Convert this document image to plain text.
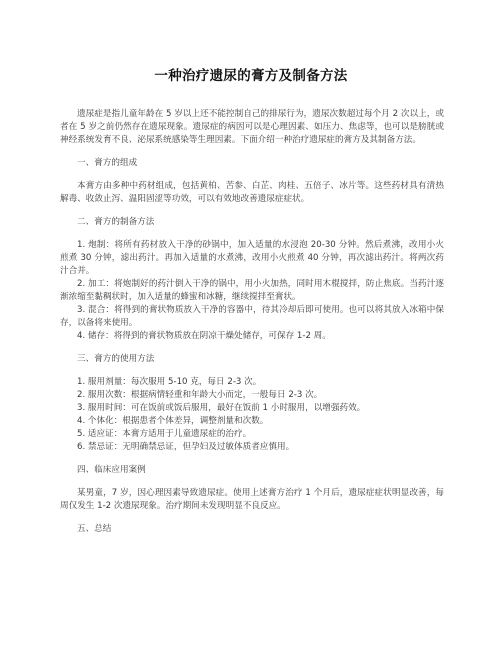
一种治疗遗尿的膏方及制备方法

遗尿症是指儿童年龄在 5 岁以上还不能控制自己的排尿行为，遗尿次数超过每个月 2 次以上，或者在 5 岁之前仍然存在遗尿现象。遗尿症的病因可以是心理因素、如压力、焦虑等，也可以是膀胱或神经系统发育不良、泌尿系统感染等生理因素。下面介绍一种治疗遗尿症的膏方及其制备方法。

一、膏方的组成

本膏方由多种中药材组成，包括黄柏、苦参、白芷、肉桂、五倍子、冰片等。这些药材具有清热解毒、收敛止泻、温阳固涩等功效，可以有效地改善遗尿症症状。

二、膏方的制备方法

1. 炮制：将所有药材放入干净的砂锅中，加入适量的水浸泡 20-30 分钟。然后煮沸，改用小火煎煮 30 分钟，滤出药汁。再加入适量的水煮沸，改用小火煎煮 40 分钟，再次滤出药汁。将两次药汁合并。

2. 加工：将炮制好的药汁倒入干净的锅中，用小火加热，同时用木棍搅拌，防止焦底。当药汁逐渐浓缩至黏稠状时，加入适量的蜂蜜和冰糖，继续搅拌至膏状。

3. 混合：将得到的膏状物质放入干净的容器中，待其冷却后即可使用。也可以将其放入冰箱中保存，以备将来使用。

4. 储存：将得到的膏状物质放在阴凉干燥处储存，可保存 1-2 周。

三、膏方的使用方法

1. 服用剂量：每次服用 5-10 克，每日 2-3 次。

2. 服用次数：根据病情轻重和年龄大小而定，一般每日 2-3 次。

3. 服用时间：可在饭前或饭后服用，最好在饭前 1 小时服用，以增强药效。

4. 个体化：根据患者个体差异，调整剂量和次数。

5. 适应证：本膏方适用于儿童遗尿症的治疗。

6. 禁忌证：无明确禁忌证，但孕妇及过敏体质者应慎用。

四、临床应用案例

某男童，7 岁，因心理因素导致遗尿症。使用上述膏方治疗 1 个月后，遗尿症症状明显改善，每周仅发生 1-2 次遗尿现象。治疗期间未发现明显不良反应。

五、总结
